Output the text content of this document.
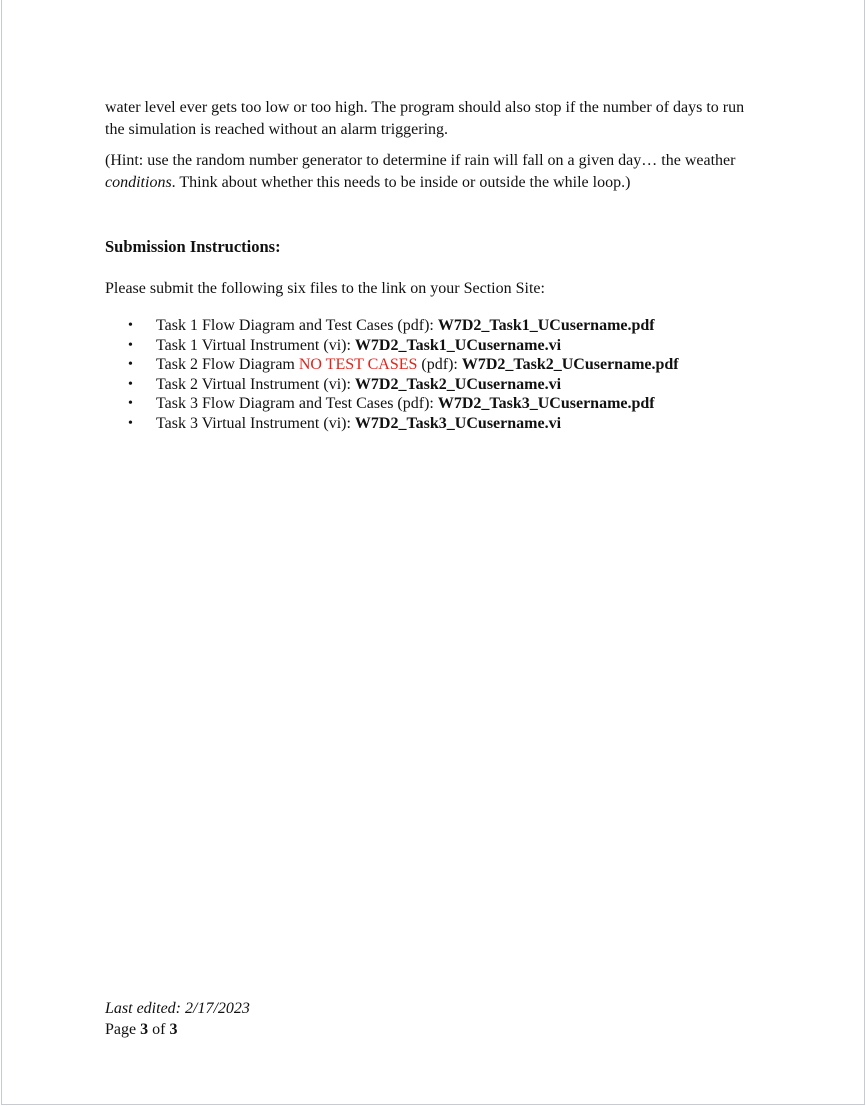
water level ever gets too low or too high. The program should also stop if the number of days to run the simulation is reached without an alarm triggering.

(Hint: use the random number generator to determine if rain will fall on a given day… the weather conditions. Think about whether this needs to be inside or outside the while loop.)

Submission Instructions:

Please submit the following six files to the link on your Section Site:

• Task 1 Flow Diagram and Test Cases (pdf): W7D2_Task1_UCusername.pdf
• Task 1 Virtual Instrument (vi): W7D2_Task1_UCusername.vi
• Task 2 Flow Diagram NO TEST CASES (pdf): W7D2_Task2_UCusername.pdf
• Task 2 Virtual Instrument (vi): W7D2_Task2_UCusername.vi
• Task 3 Flow Diagram and Test Cases (pdf): W7D2_Task3_UCusername.pdf
• Task 3 Virtual Instrument (vi): W7D2_Task3_UCusername.vi
Last edited: 2/17/2023
Page 3 of 3
